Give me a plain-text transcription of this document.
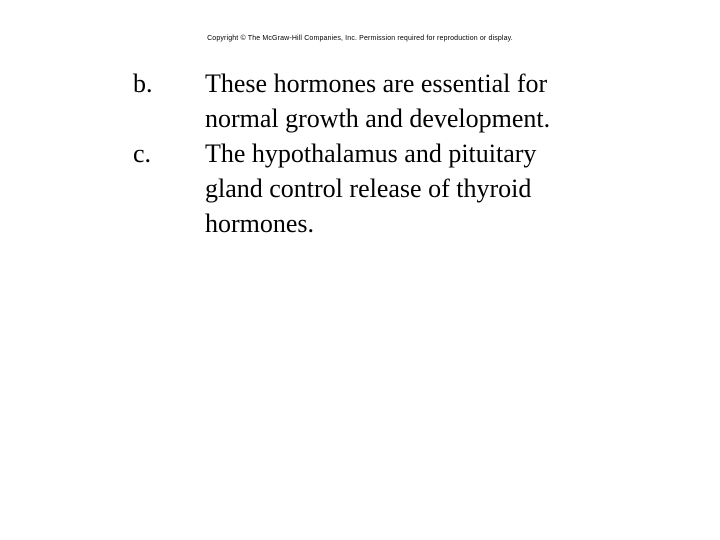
Copyright © The McGraw-Hill Companies, Inc. Permission required for reproduction or display.
b.	These hormones are essential for normal growth and development.
c.	The hypothalamus and pituitary gland control release of thyroid hormones.
